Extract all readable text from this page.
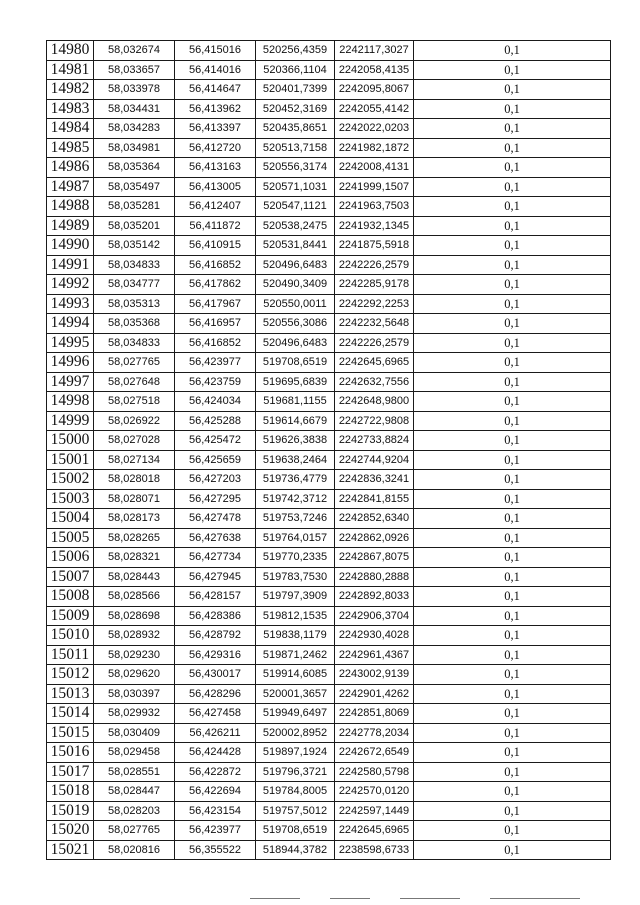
14980	58,032674	56,415016	520256,4359	2242117,3027	0,1
14981	58,033657	56,414016	520366,1104	2242058,4135	0,1
14982	58,033978	56,414647	520401,7399	2242095,8067	0,1
14983	58,034431	56,413962	520452,3169	2242055,4142	0,1
14984	58,034283	56,413397	520435,8651	2242022,0203	0,1
14985	58,034981	56,412720	520513,7158	2241982,1872	0,1
14986	58,035364	56,413163	520556,3174	2242008,4131	0,1
14987	58,035497	56,413005	520571,1031	2241999,1507	0,1
14988	58,035281	56,412407	520547,1121	2241963,7503	0,1
14989	58,035201	56,411872	520538,2475	2241932,1345	0,1
14990	58,035142	56,410915	520531,8441	2241875,5918	0,1
14991	58,034833	56,416852	520496,6483	2242226,2579	0,1
14992	58,034777	56,417862	520490,3409	2242285,9178	0,1
14993	58,035313	56,417967	520550,0011	2242292,2253	0,1
14994	58,035368	56,416957	520556,3086	2242232,5648	0,1
14995	58,034833	56,416852	520496,6483	2242226,2579	0,1
14996	58,027765	56,423977	519708,6519	2242645,6965	0,1
14997	58,027648	56,423759	519695,6839	2242632,7556	0,1
14998	58,027518	56,424034	519681,1155	2242648,9800	0,1
14999	58,026922	56,425288	519614,6679	2242722,9808	0,1
15000	58,027028	56,425472	519626,3838	2242733,8824	0,1
15001	58,027134	56,425659	519638,2464	2242744,9204	0,1
15002	58,028018	56,427203	519736,4779	2242836,3241	0,1
15003	58,028071	56,427295	519742,3712	2242841,8155	0,1
15004	58,028173	56,427478	519753,7246	2242852,6340	0,1
15005	58,028265	56,427638	519764,0157	2242862,0926	0,1
15006	58,028321	56,427734	519770,2335	2242867,8075	0,1
15007	58,028443	56,427945	519783,7530	2242880,2888	0,1
15008	58,028566	56,428157	519797,3909	2242892,8033	0,1
15009	58,028698	56,428386	519812,1535	2242906,3704	0,1
15010	58,028932	56,428792	519838,1179	2242930,4028	0,1
15011	58,029230	56,429316	519871,2462	2242961,4367	0,1
15012	58,029620	56,430017	519914,6085	2243002,9139	0,1
15013	58,030397	56,428296	520001,3657	2242901,4262	0,1
15014	58,029932	56,427458	519949,6497	2242851,8069	0,1
15015	58,030409	56,426211	520002,8952	2242778,2034	0,1
15016	58,029458	56,424428	519897,1924	2242672,6549	0,1
15017	58,028551	56,422872	519796,3721	2242580,5798	0,1
15018	58,028447	56,422694	519784,8005	2242570,0120	0,1
15019	58,028203	56,423154	519757,5012	2242597,1449	0,1
15020	58,027765	56,423977	519708,6519	2242645,6965	0,1
15021	58,020816	56,355522	518944,3782	2238598,6733	0,1
